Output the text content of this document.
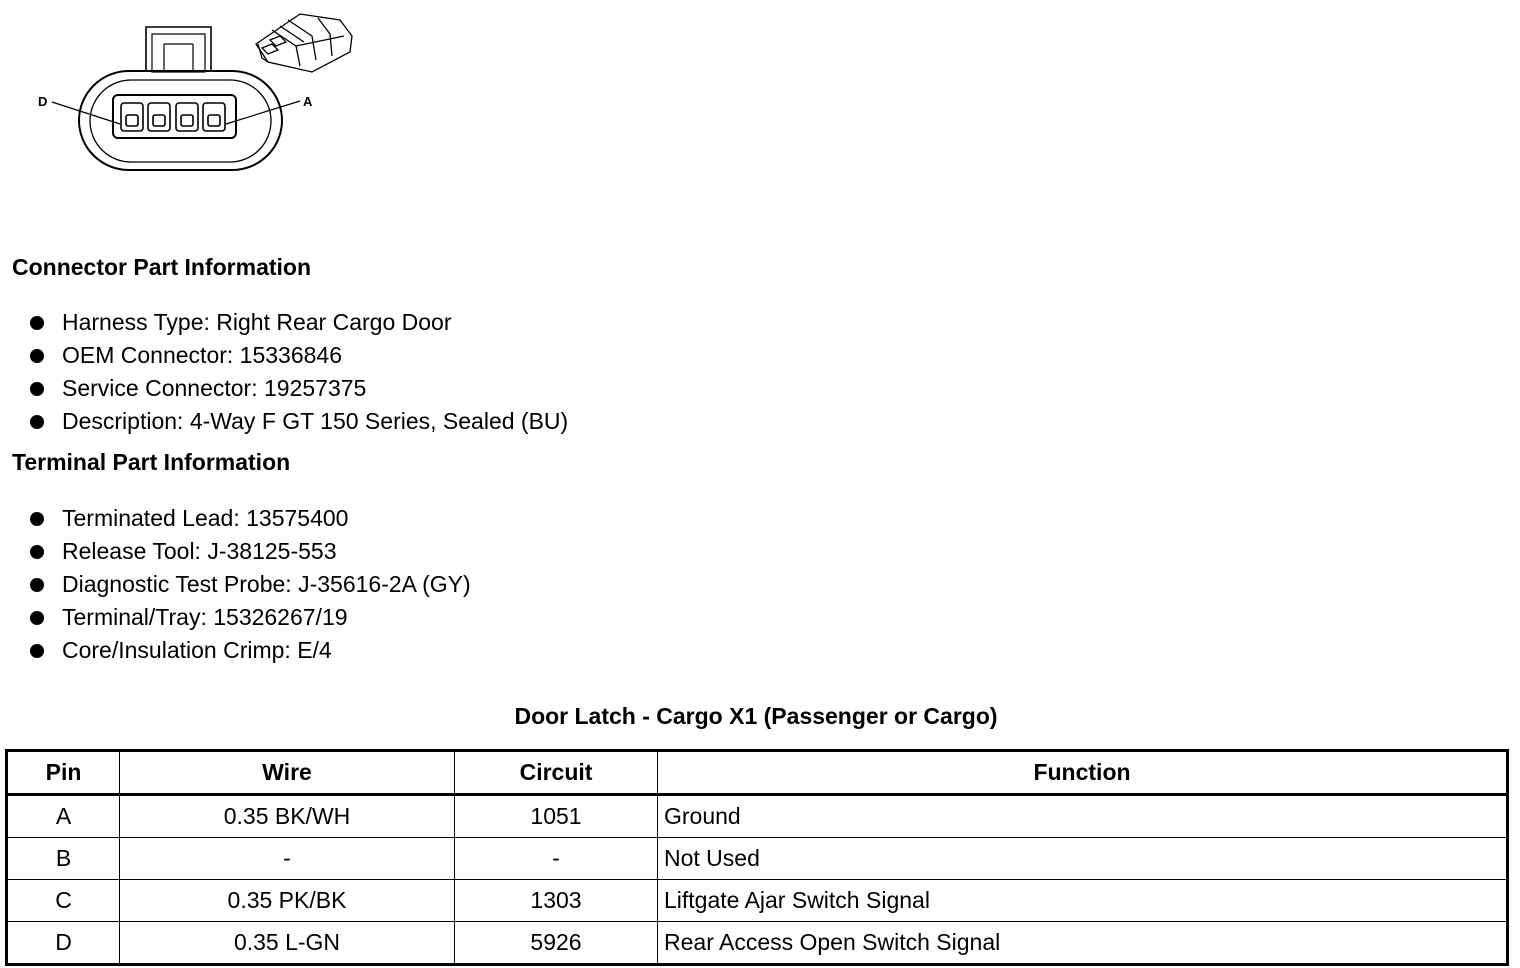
D	A
Connector Part Information
Harness Type: Right Rear Cargo Door
OEM Connector: 15336846
Service Connector: 19257375
Description: 4-Way F GT 150 Series, Sealed (BU)
Terminal Part Information
Terminated Lead: 13575400
Release Tool: J-38125-553
Diagnostic Test Probe: J-35616-2A (GY)
Terminal/Tray: 15326267/19
Core/Insulation Crimp: E/4
Door Latch - Cargo X1 (Passenger or Cargo)
Pin	Wire	Circuit	Function
A	0.35 BK/WH	1051	Ground
B	-	-	Not Used
C	0.35 PK/BK	1303	Liftgate Ajar Switch Signal
D	0.35 L-GN	5926	Rear Access Open Switch Signal
